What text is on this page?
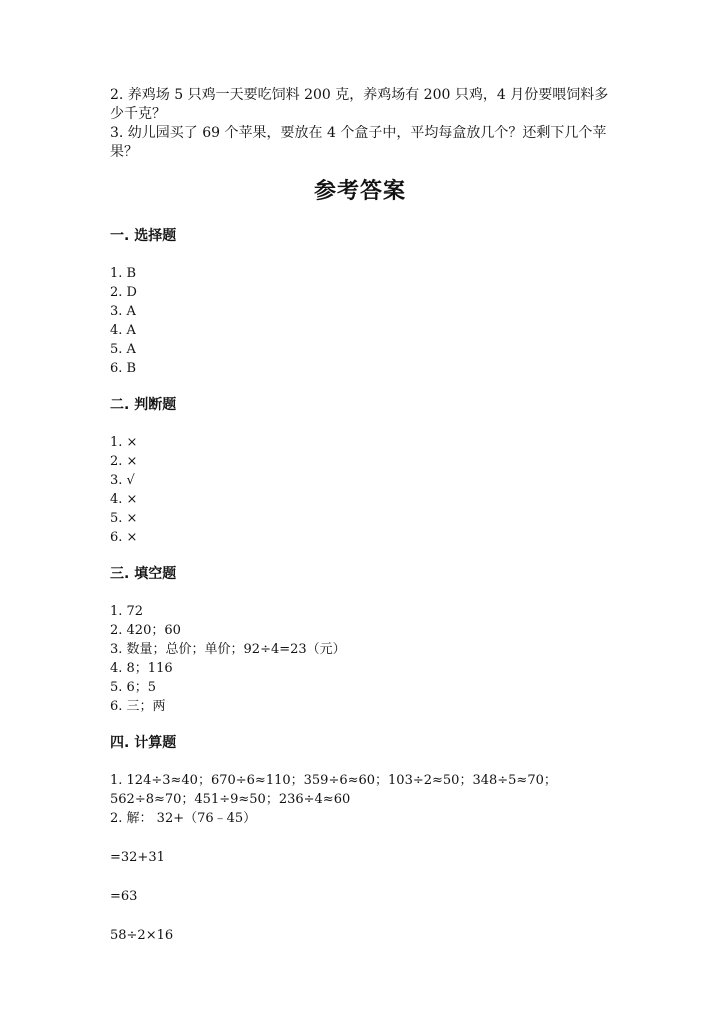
2. 养鸡场 5 只鸡一天要吃饲料 200 克，养鸡场有 200 只鸡，4 月份要喂饲料多

少千克？

3. 幼儿园买了 69 个苹果，要放在 4 个盒子中，平均每盒放几个？还剩下几个苹

果？

参考答案

一. 选择题

1. B

2. D

3. A

4. A

5. A

6. B

二. 判断题

1. ×

2. ×

3. √

4. ×

5. ×

6. ×

三. 填空题

1. 72

2. 420；60

3. 数量；总价；单价；92÷4=23（元）

4. 8；116

5. 6；5

6. 三；两

四. 计算题

1. 124÷3≈40；670÷6≈110；359÷6≈60；103÷2≈50；348÷5≈70；

562÷8≈70；451÷9≈50；236÷4≈60

2. 解： 32+（76﹣45）

=32+31

=63

58÷2×16
